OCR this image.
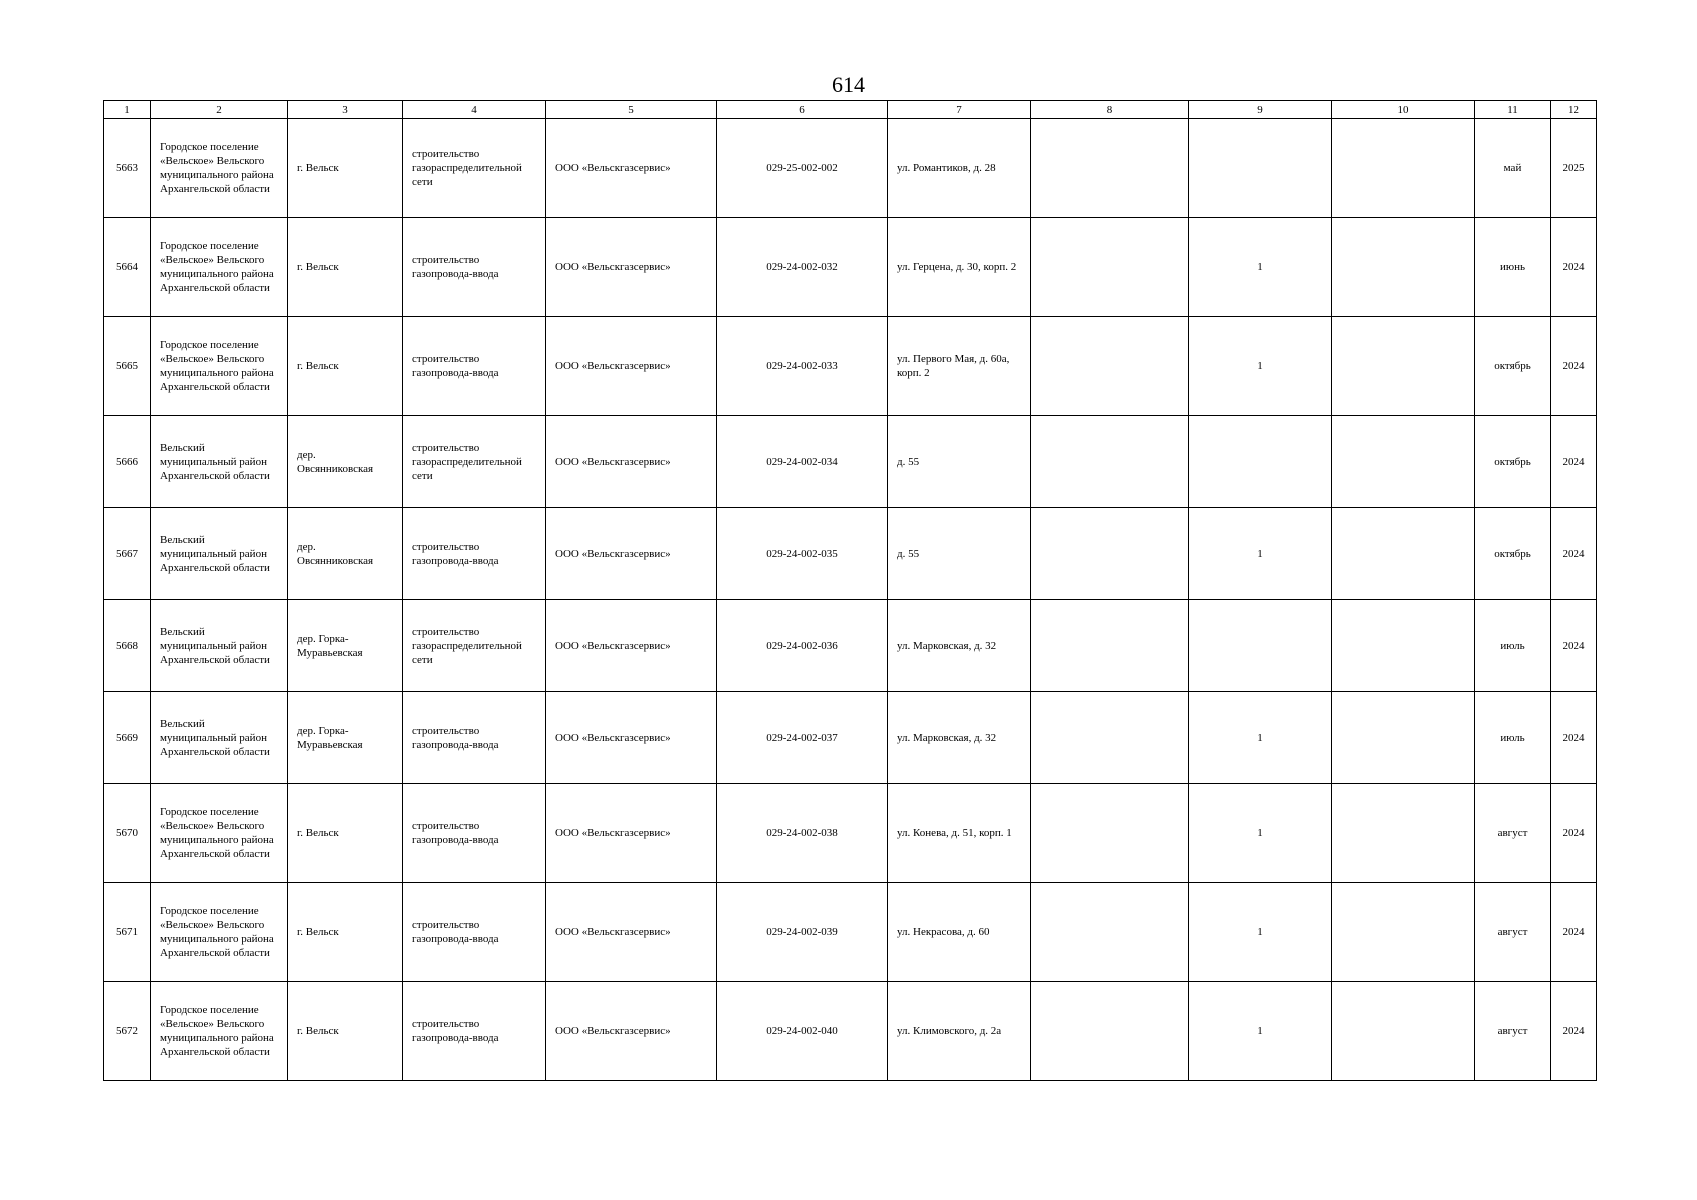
614
1	2	3	4	5	6	7	8	9	10	11	12
5663	Городское поселение «Вельское» Вельского муниципального района Архангельской области	г. Вельск	строительство газораспределительной сети	ООО «Вельскгазсервис»	029-25-002-002	ул. Романтиков, д. 28				май	2025
5664	Городское поселение «Вельское» Вельского муниципального района Архангельской области	г. Вельск	строительство газопровода-ввода	ООО «Вельскгазсервис»	029-24-002-032	ул. Герцена, д. 30, корп. 2		1		июнь	2024
5665	Городское поселение «Вельское» Вельского муниципального района Архангельской области	г. Вельск	строительство газопровода-ввода	ООО «Вельскгазсервис»	029-24-002-033	ул. Первого Мая, д. 60а, корп. 2		1		октябрь	2024
5666	Вельский муниципальный район Архангельской области	дер. Овсянниковская	строительство газораспределительной сети	ООО «Вельскгазсервис»	029-24-002-034	д. 55				октябрь	2024
5667	Вельский муниципальный район Архангельской области	дер. Овсянниковская	строительство газопровода-ввода	ООО «Вельскгазсервис»	029-24-002-035	д. 55		1		октябрь	2024
5668	Вельский муниципальный район Архангельской области	дер. Горка-Муравьевская	строительство газораспределительной сети	ООО «Вельскгазсервис»	029-24-002-036	ул. Марковская, д. 32				июль	2024
5669	Вельский муниципальный район Архангельской области	дер. Горка-Муравьевская	строительство газопровода-ввода	ООО «Вельскгазсервис»	029-24-002-037	ул. Марковская, д. 32		1		июль	2024
5670	Городское поселение «Вельское» Вельского муниципального района Архангельской области	г. Вельск	строительство газопровода-ввода	ООО «Вельскгазсервис»	029-24-002-038	ул. Конева, д. 51, корп. 1		1		август	2024
5671	Городское поселение «Вельское» Вельского муниципального района Архангельской области	г. Вельск	строительство газопровода-ввода	ООО «Вельскгазсервис»	029-24-002-039	ул. Некрасова, д. 60		1		август	2024
5672	Городское поселение «Вельское» Вельского муниципального района Архангельской области	г. Вельск	строительство газопровода-ввода	ООО «Вельскгазсервис»	029-24-002-040	ул. Климовского, д. 2а		1		август	2024
